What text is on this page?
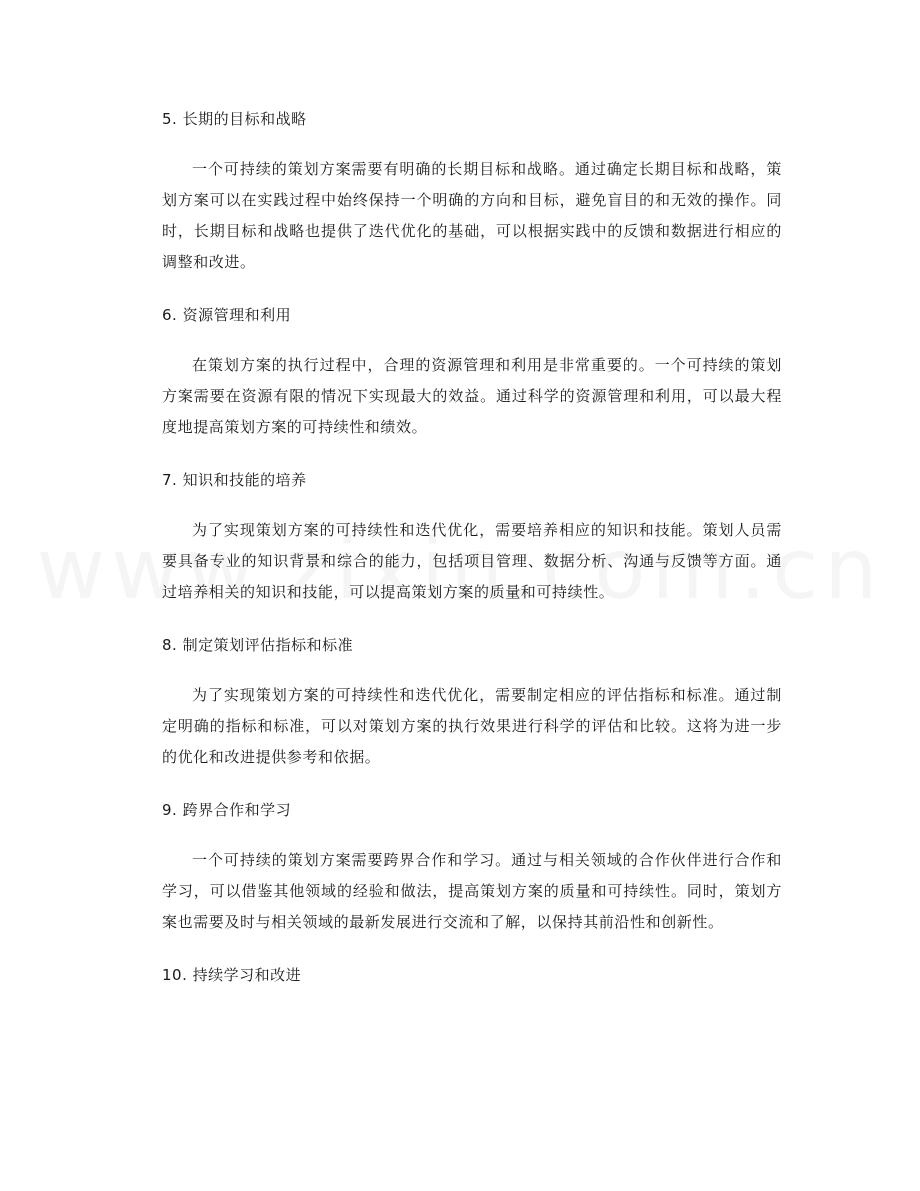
5. 长期的目标和战略

一个可持续的策划方案需要有明确的长期目标和战略。通过确定长期目标和战略，策划方案可以在实践过程中始终保持一个明确的方向和目标，避免盲目的和无效的操作。同时，长期目标和战略也提供了迭代优化的基础，可以根据实践中的反馈和数据进行相应的调整和改进。

6. 资源管理和利用

在策划方案的执行过程中，合理的资源管理和利用是非常重要的。一个可持续的策划方案需要在资源有限的情况下实现最大的效益。通过科学的资源管理和利用，可以最大程度地提高策划方案的可持续性和绩效。

7. 知识和技能的培养

为了实现策划方案的可持续性和迭代优化，需要培养相应的知识和技能。策划人员需要具备专业的知识背景和综合的能力，包括项目管理、数据分析、沟通与反馈等方面。通过培养相关的知识和技能，可以提高策划方案的质量和可持续性。

8. 制定策划评估指标和标准

为了实现策划方案的可持续性和迭代优化，需要制定相应的评估指标和标准。通过制定明确的指标和标准，可以对策划方案的执行效果进行科学的评估和比较。这将为进一步的优化和改进提供参考和依据。

9. 跨界合作和学习

一个可持续的策划方案需要跨界合作和学习。通过与相关领域的合作伙伴进行合作和学习，可以借鉴其他领域的经验和做法，提高策划方案的质量和可持续性。同时，策划方案也需要及时与相关领域的最新发展进行交流和了解，以保持其前沿性和创新性。

10. 持续学习和改进
